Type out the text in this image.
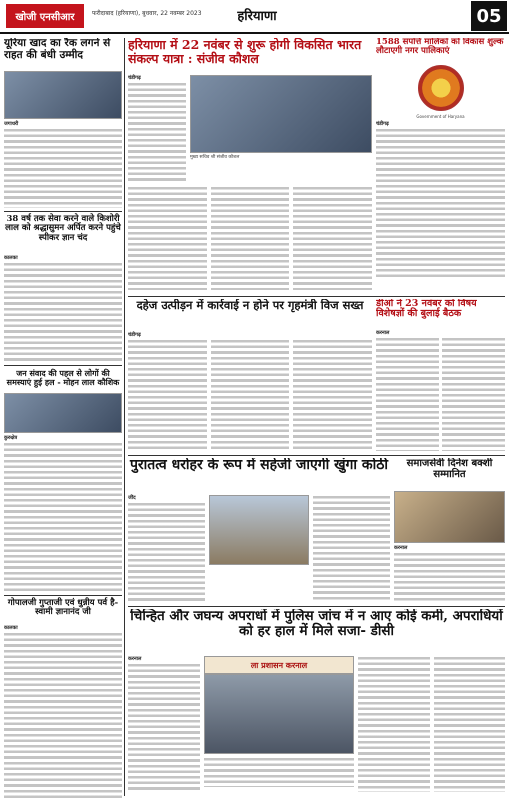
खोजी एनसीआर	फरीदाबाद (हरियाणा), बुधवार, 22 नवम्बर 2023	हरियाणा	05
यूरिया खाद का रैक लगने से राहत की बंधी उम्मीद
जगाधरी
38 वर्ष तक सेवा करने वाले किशोरी लाल को श्रद्धासुमन अर्पित करने पहुंचे स्पीकर ज्ञान चंद
कालका
जन संवाद की पहल से लोगों की समस्याएं हुई हल - मोहन लाल कौशिक
कुरुक्षेत्र
गोपालजी गुप्ताजी एवं धुन्नीय पर्व है-स्वामी ज्ञानानंद जी
कालका
हरियाणा में 22 नवंबर से शुरू होगी विकसित भारत संकल्प यात्रा : संजीव कौशल
चंडीगढ़
मुख्य सचिव श्री संजीव कौशल
1588 संपत्ति मालिकों को विकास शुल्क लौटाएगी नगर पालिकाएं
Government of Haryana
चंडीगढ़
दहेज उत्पीड़न में कार्रवाई न होने पर गृहमंत्री विज सख्त
चंडीगढ़
डीओ ने 23 नवंबर को विषय विशेषज्ञों की बुलाई बैठक
करनाल
पुरातत्व धरोहर के रूप में सहेजी जाएगी खुंगा कोठी
जींद
समाजसेवी दिनेश बक्शी सम्मानित
करनाल
चिन्हित और जघन्य अपराधों में पुलिस जांच में न आए कोई कमी, अपराधियों को हर हाल में मिले सजा- डीसी
करनाल
ला प्रशासन करनाल
